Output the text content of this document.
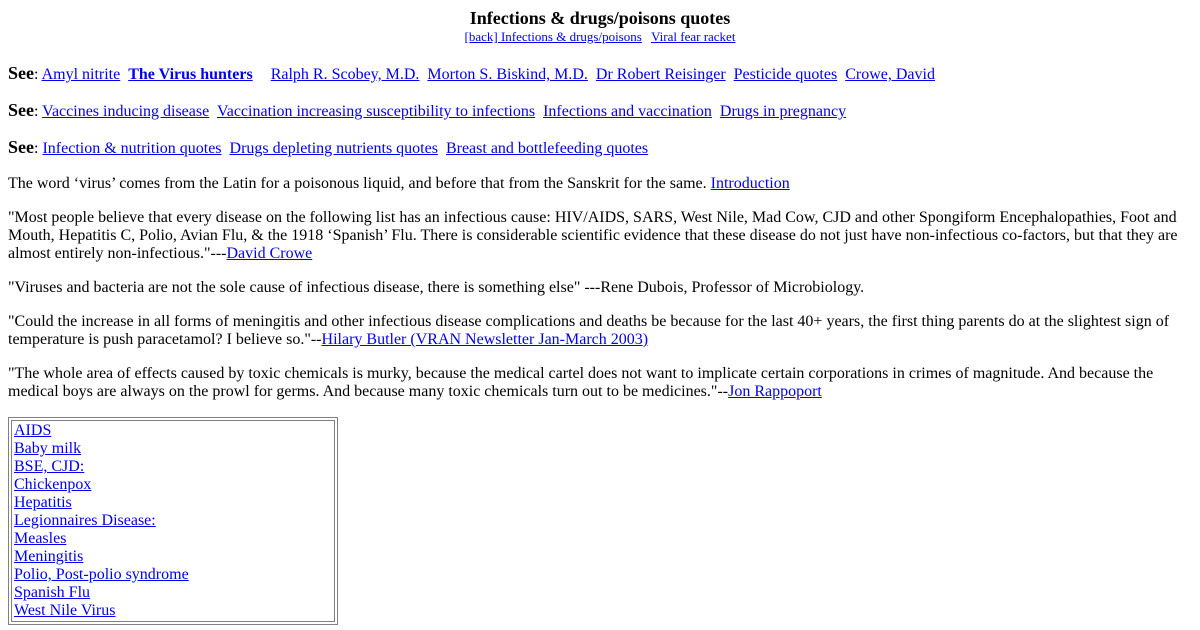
Infections & drugs/poisons quotes
[back] Infections & drugs/poisons Viral fear racket
See: Amyl nitrite The Virus hunters Ralph R. Scobey, M.D. Morton S. Biskind, M.D. Dr Robert Reisinger Pesticide quotes Crowe, David
See: Vaccines inducing disease Vaccination increasing susceptibility to infections Infections and vaccination Drugs in pregnancy
See: Infection & nutrition quotes Drugs depleting nutrients quotes Breast and bottlefeeding quotes

The word ‘virus’ comes from the Latin for a poisonous liquid, and before that from the Sanskrit for the same. Introduction

"Most people believe that every disease on the following list has an infectious cause: HIV/AIDS, SARS, West Nile, Mad Cow, CJD and other Spongiform Encephalopathies, Foot and Mouth, Hepatitis C, Polio, Avian Flu, & the 1918 ‘Spanish’ Flu. There is considerable scientific evidence that these disease do not just have non-infectious co-factors, but that they are almost entirely non-infectious."---David Crowe

"Viruses and bacteria are not the sole cause of infectious disease, there is something else" ---Rene Dubois, Professor of Microbiology.

"Could the increase in all forms of meningitis and other infectious disease complications and deaths be because for the last 40+ years, the first thing parents do at the slightest sign of temperature is push paracetamol? I believe so."--Hilary Butler (VRAN Newsletter Jan-March 2003)

"The whole area of effects caused by toxic chemicals is murky, because the medical cartel does not want to implicate certain corporations in crimes of magnitude. And because the medical boys are always on the prowl for germs. And because many toxic chemicals turn out to be medicines."--Jon Rappoport

AIDS
Baby milk
BSE, CJD:
Chickenpox
Hepatitis
Legionnaires Disease:
Measles
Meningitis
Polio, Post-polio syndrome
Spanish Flu
West Nile Virus
